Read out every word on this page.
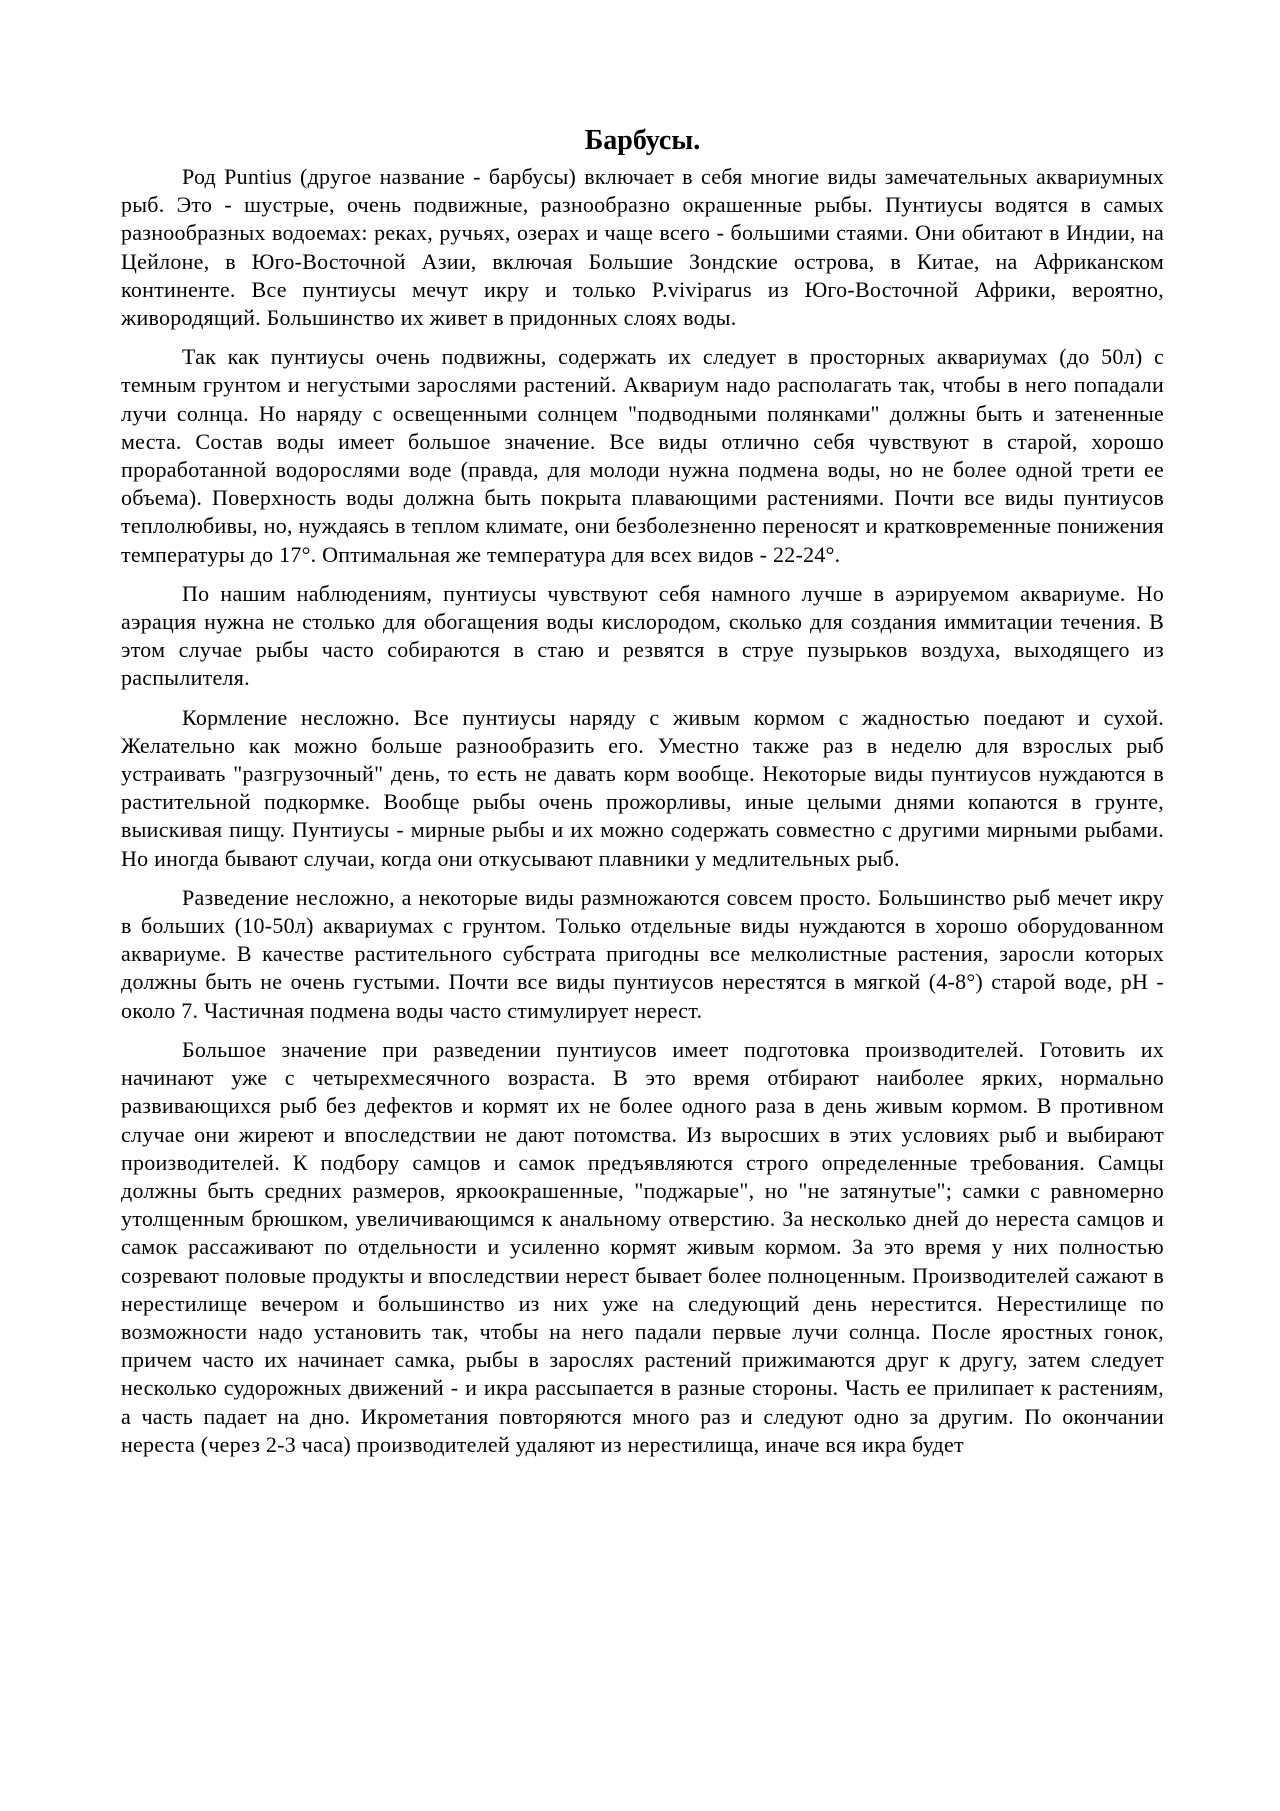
Барбусы.

Род Puntius (другое название - барбусы) включает в себя многие виды замечательных аквариумных рыб. Это - шустрые, очень подвижные, разнообразно окрашенные рыбы. Пунтиусы водятся в самых разнообразных водоемах: реках, ручьях, озерах и чаще всего - большими стаями. Они обитают в Индии, на Цейлоне, в Юго-Восточной Азии, включая Большие Зондские острова, в Китае, на Африканском континенте. Все пунтиусы мечут икру и только P.viviparus из Юго-Восточной Африки, вероятно, живородящий. Большинство их живет в придонных слоях воды.

Так как пунтиусы очень подвижны, содержать их следует в просторных аквариумах (до 50л) с темным грунтом и негустыми зарослями растений. Аквариум надо располагать так, чтобы в него попадали лучи солнца. Но наряду с освещенными солнцем "подводными полянками" должны быть и затененные места. Состав воды имеет большое значение. Все виды отлично себя чувствуют в старой, хорошо проработанной водорослями воде (правда, для молоди нужна подмена воды, но не более одной трети ее объема). Поверхность воды должна быть покрыта плавающими растениями. Почти все виды пунтиусов теплолюбивы, но, нуждаясь в теплом климате, они безболезненно переносят и кратковременные понижения температуры до 17°. Оптимальная же температура для всех видов - 22-24°.

По нашим наблюдениям, пунтиусы чувствуют себя намного лучше в аэрируемом аквариуме. Но аэрация нужна не столько для обогащения воды кислородом, сколько для создания иммитации течения. В этом случае рыбы часто собираются в стаю и резвятся в струе пузырьков воздуха, выходящего из распылителя.

Кормление несложно. Все пунтиусы наряду с живым кормом с жадностью поедают и сухой. Желательно как можно больше разнообразить его. Уместно также раз в неделю для взрослых рыб устраивать "разгрузочный" день, то есть не давать корм вообще. Некоторые виды пунтиусов нуждаются в растительной подкормке. Вообще рыбы очень прожорливы, иные целыми днями копаются в грунте, выискивая пищу. Пунтиусы - мирные рыбы и их можно содержать совместно с другими мирными рыбами. Но иногда бывают случаи, когда они откусывают плавники у медлительных рыб.

Разведение несложно, а некоторые виды размножаются совсем просто. Большинство рыб мечет икру в больших (10-50л) аквариумах с грунтом. Только отдельные виды нуждаются в хорошо оборудованном аквариуме. В качестве растительного субстрата пригодны все мелколистные растения, заросли которых должны быть не очень густыми. Почти все виды пунтиусов нерестятся в мягкой (4-8°) старой воде, pH - около 7. Частичная подмена воды часто стимулирует нерест.

Большое значение при разведении пунтиусов имеет подготовка производителей. Готовить их начинают уже с четырехмесячного возраста. В это время отбирают наиболее ярких, нормально развивающихся рыб без дефектов и кормят их не более одного раза в день живым кормом. В противном случае они жиреют и впоследствии не дают потомства. Из выросших в этих условиях рыб и выбирают производителей. К подбору самцов и самок предъявляются строго определенные требования. Самцы должны быть средних размеров, яркоокрашенные, "поджарые", но "не затянутые"; самки с равномерно утолщенным брюшком, увеличивающимся к анальному отверстию. За несколько дней до нереста самцов и самок рассаживают по отдельности и усиленно кормят живым кормом. За это время у них полностью созревают половые продукты и впоследствии нерест бывает более полноценным. Производителей сажают в нерестилище вечером и большинство из них уже на следующий день нерестится. Нерестилище по возможности надо установить так, чтобы на него падали первые лучи солнца. После яростных гонок, причем часто их начинает самка, рыбы в зарослях растений прижимаются друг к другу, затем следует несколько судорожных движений - и икра рассыпается в разные стороны. Часть ее прилипает к растениям, а часть падает на дно. Икрометания повторяются много раз и следуют одно за другим. По окончании нереста (через 2-3 часа) производителей удаляют из нерестилища, иначе вся икра будет
